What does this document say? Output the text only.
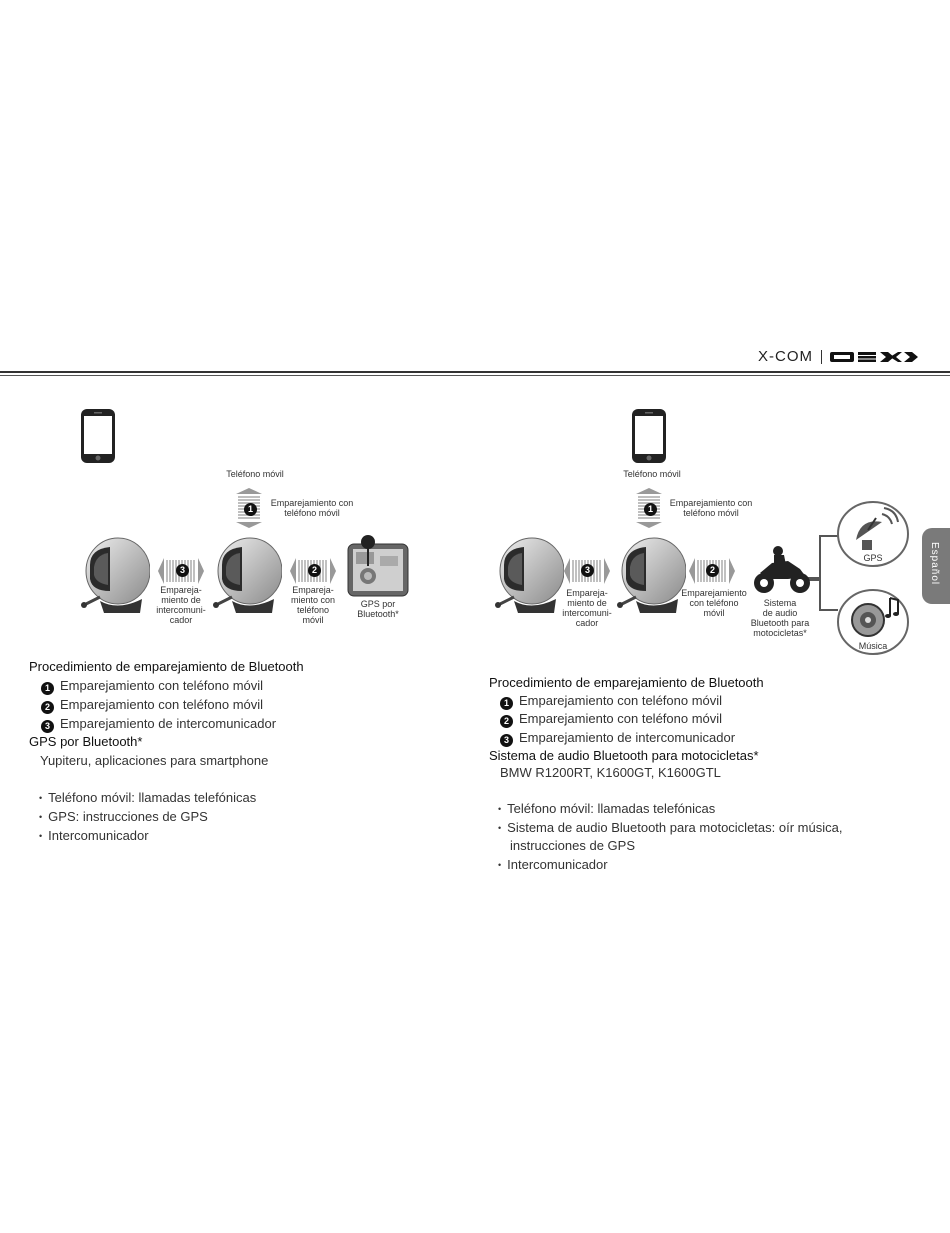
X-COM
Español
Teléfono móvil
1
Emparejamiento con
teléfono móvil
3
Empareja-
miento de
intercomuni-
cador
2
Empareja-
miento con
teléfono
móvil
GPS por
Bluetooth*
Procedimiento de emparejamiento de Bluetooth
1 Emparejamiento con teléfono móvil
2 Emparejamiento con teléfono móvil
3 Emparejamiento de intercomunicador
GPS por Bluetooth*
Yupiteru, aplicaciones para smartphone
• Teléfono móvil: llamadas telefónicas
• GPS: instrucciones de GPS
• Intercomunicador
Teléfono móvil
1
Emparejamiento con
teléfono móvil
3
Empareja-
miento de
intercomuni-
cador
2
Emparejamiento
con teléfono
móvil
Sistema
de audio
Bluetooth para
motocicletas*
GPS
Música
Procedimiento de emparejamiento de Bluetooth
1 Emparejamiento con teléfono móvil
2 Emparejamiento con teléfono móvil
3 Emparejamiento de intercomunicador
Sistema de audio Bluetooth para motocicletas*
BMW R1200RT, K1600GT, K1600GTL
• Teléfono móvil: llamadas telefónicas
• Sistema de audio Bluetooth para motocicletas: oír música, instrucciones de GPS
• Intercomunicador
